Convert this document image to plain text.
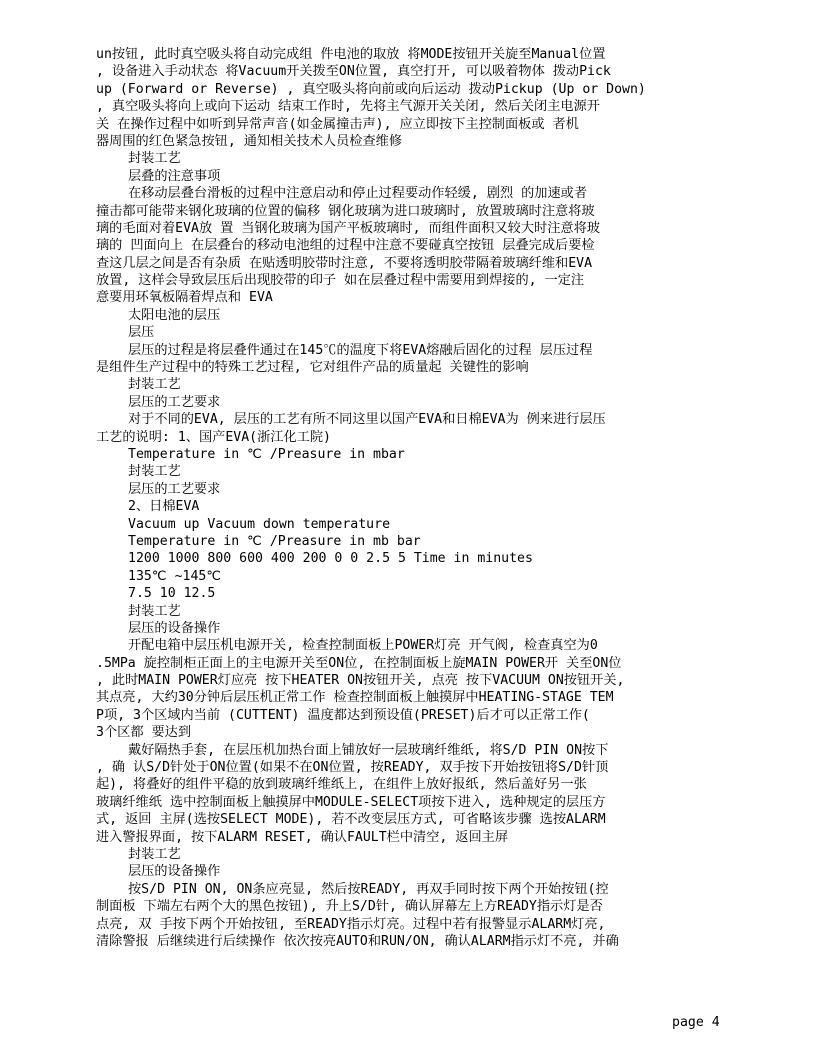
un按钮, 此时真空吸头将自动完成组 件电池的取放 将MODE按钮开关旋至Manual位置
, 设备进入手动状态 将Vacuum开关拨至ON位置, 真空打开, 可以吸着物体 拨动Pick
up (Forward or Reverse) , 真空吸头将向前或向后运动 拨动Pickup (Up or Down)
, 真空吸头将向上或向下运动 结束工作时, 先将主气源开关关闭, 然后关闭主电源开
关 在操作过程中如听到异常声音(如金属撞击声), 应立即按下主控制面板或 者机
器周围的红色紧急按钮, 通知相关技术人员检查维修
封装工艺
层叠的注意事项
在移动层叠台滑板的过程中注意启动和停止过程要动作轻缓, 剧烈 的加速或者
撞击都可能带来钢化玻璃的位置的偏移 钢化玻璃为进口玻璃时, 放置玻璃时注意将玻
璃的毛面对着EVA放 置 当钢化玻璃为国产平板玻璃时, 而组件面积又较大时注意将玻
璃的 凹面向上 在层叠台的移动电池组的过程中注意不要碰真空按钮 层叠完成后要检
查这几层之间是否有杂质 在贴透明胶带时注意, 不要将透明胶带隔着玻璃纤维和EVA
放置, 这样会导致层压后出现胶带的印子 如在层叠过程中需要用到焊接的, 一定注
意要用环氧板隔着焊点和 EVA
太阳电池的层压
层压
层压的过程是将层叠件通过在145℃的温度下将EVA熔融后固化的过程 层压过程
是组件生产过程中的特殊工艺过程, 它对组件产品的质量起 关键性的影响
封装工艺
层压的工艺要求
对于不同的EVA, 层压的工艺有所不同这里以国产EVA和日棉EVA为 例来进行层压
工艺的说明: 1、国产EVA(浙江化工院)
Temperature in ℃ /Preasure in mbar
封装工艺
层压的工艺要求
2、日棉EVA
Vacuum up Vacuum down temperature
Temperature in ℃ /Preasure in mb bar
1200 1000 800 600 400 200 0 0 2.5 5 Time in minutes
135℃ ~145℃
7.5 10 12.5
封装工艺
层压的设备操作
开配电箱中层压机电源开关, 检查控制面板上POWER灯亮 开气阀, 检查真空为0
.5MPa 旋控制柜正面上的主电源开关至ON位, 在控制面板上旋MAIN POWER开 关至ON位
, 此时MAIN POWER灯应亮 按下HEATER ON按钮开关, 点亮 按下VACUUM ON按钮开关,
其点亮, 大约30分钟后层压机正常工作 检查控制面板上触摸屏中HEATING-STAGE TEM
P项, 3个区域内当前 (CUTTENT) 温度都达到预设值(PRESET)后才可以正常工作(
3个区都 要达到
戴好隔热手套, 在层压机加热台面上铺放好一层玻璃纤维纸, 将S/D PIN ON按下
, 确 认S/D针处于ON位置(如果不在ON位置, 按READY, 双手按下开始按钮将S/D针顶
起), 将叠好的组件平稳的放到玻璃纤维纸上, 在组件上放好报纸, 然后盖好另一张
玻璃纤维纸 选中控制面板上触摸屏中MODULE-SELECT项按下进入, 选种规定的层压方
式, 返回 主屏(选按SELECT MODE), 若不改变层压方式, 可省略该步骤 选按ALARM
进入警报界面, 按下ALARM RESET, 确认FAULT栏中清空, 返回主屏
封装工艺
层压的设备操作
按S/D PIN ON, ON条应亮显, 然后按READY, 再双手同时按下两个开始按钮(控
制面板 下端左右两个大的黑色按钮), 升上S/D针, 确认屏幕左上方READY指示灯是否
点亮, 双 手按下两个开始按钮, 至READY指示灯亮。过程中若有报警显示ALARM灯亮,
清除警报 后继续进行后续操作 依次按亮AUTO和RUN/ON, 确认ALARM指示灯不亮, 并确
page 4
